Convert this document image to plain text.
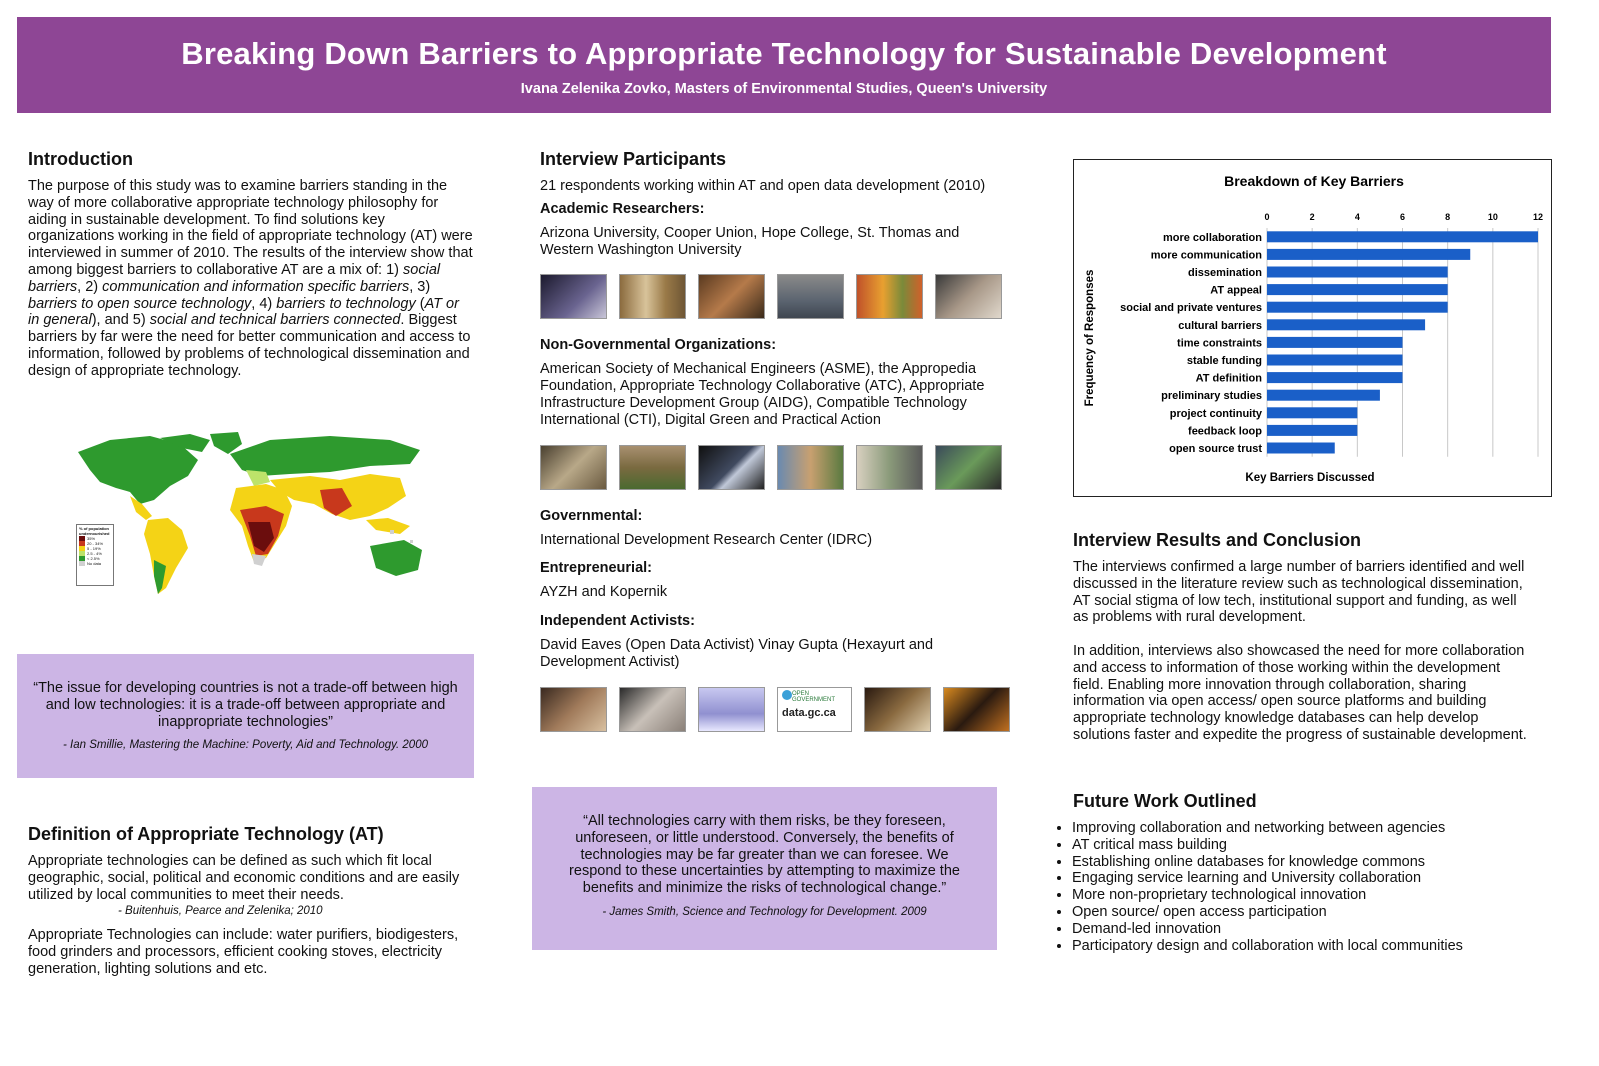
Breaking Down Barriers to Appropriate Technology for Sustainable Development
Ivana Zelenika Zovko, Masters of Environmental Studies, Queen's University
Introduction

The purpose of this study was to examine barriers standing in the way of more collaborative appropriate technology philosophy for aiding in sustainable development. To find solutions key organizations working in the field of appropriate technology (AT) were interviewed in summer of 2010. The results of the interview show that among biggest barriers to collaborative AT are a mix of: 1) social barriers, 2) communication and information specific barriers, 3) barriers to open source technology, 4) barriers to technology (AT or in general), and 5) social and technical barriers connected. Biggest barriers by far were the need for better communication and access to information, followed by problems of technological dissemination and design of appropriate technology.

% of population undernourished
35%
20 - 34%
5 - 19%
2.5 - 4%
< 2.5%
No data
“The issue for developing countries is not a trade-off between high and low technologies: it is a trade-off between appropriate and inappropriate technologies”
- Ian Smillie, Mastering the Machine: Poverty, Aid and Technology. 2000
Definition of Appropriate Technology (AT)

Appropriate technologies can be defined as such which fit local geographic, social, political and economic conditions and are easily utilized by local communities to meet their needs.

- Buitenhuis, Pearce and Zelenika; 2010

Appropriate Technologies can include: water purifiers, biodigesters, food grinders and processors, efficient cooking stoves, electricity generation, lighting solutions and etc.

Interview Participants

21 respondents working within AT and open data development (2010)

Academic Researchers:

Arizona University, Cooper Union, Hope College, St. Thomas and Western Washington University

Non-Governmental Organizations:

American Society of Mechanical Engineers (ASME), the Appropedia Foundation, Appropriate Technology Collaborative (ATC), Appropriate Infrastructure Development Group (AIDG), Compatible Technology International (CTI), Digital Green and Practical Action

Governmental:

International Development Research Center (IDRC)

Entrepreneurial:

AYZH and Kopernik

Independent Activists:

David Eaves (Open Data Activist) Vinay Gupta (Hexayurt and Development Activist)

OPEN GOVERNMENT
data.gc.ca
“All technologies carry with them risks, be they foreseen, unforeseen, or little understood. Conversely, the benefits of technologies may be far greater than we can foresee. We respond to these uncertainties by attempting to maximize the benefits and minimize the risks of technological change.”
- James Smith, Science and Technology for Development. 2009
Breakdown of Key Barriers
Key Barriers Discussed
Frequency of Responses
0	2	4	6	8	10	12
more collaboration
more communication
dissemination
AT appeal
social and private ventures
cultural barriers
time constraints
stable funding
AT definition
preliminary studies
project continuity
feedback loop
open source trust
Interview Results and Conclusion

The interviews confirmed a large number of barriers identified and well discussed in the literature review such as technological dissemination, AT social stigma of low tech, institutional support and funding, as well as problems with rural development.

In addition, interviews also showcased the need for more collaboration and access to information of those working within the development field. Enabling more innovation through collaboration, sharing information via open access/ open source platforms and building appropriate technology knowledge databases can help develop solutions faster and expedite the progress of sustainable development.

Future Work Outlined
• Improving collaboration and networking between agencies
• AT critical mass building
• Establishing online databases for knowledge commons
• Engaging service learning and University collaboration
• More non-proprietary technological innovation
• Open source/ open access participation
• Demand-led innovation
• Participatory design and collaboration with local communities
